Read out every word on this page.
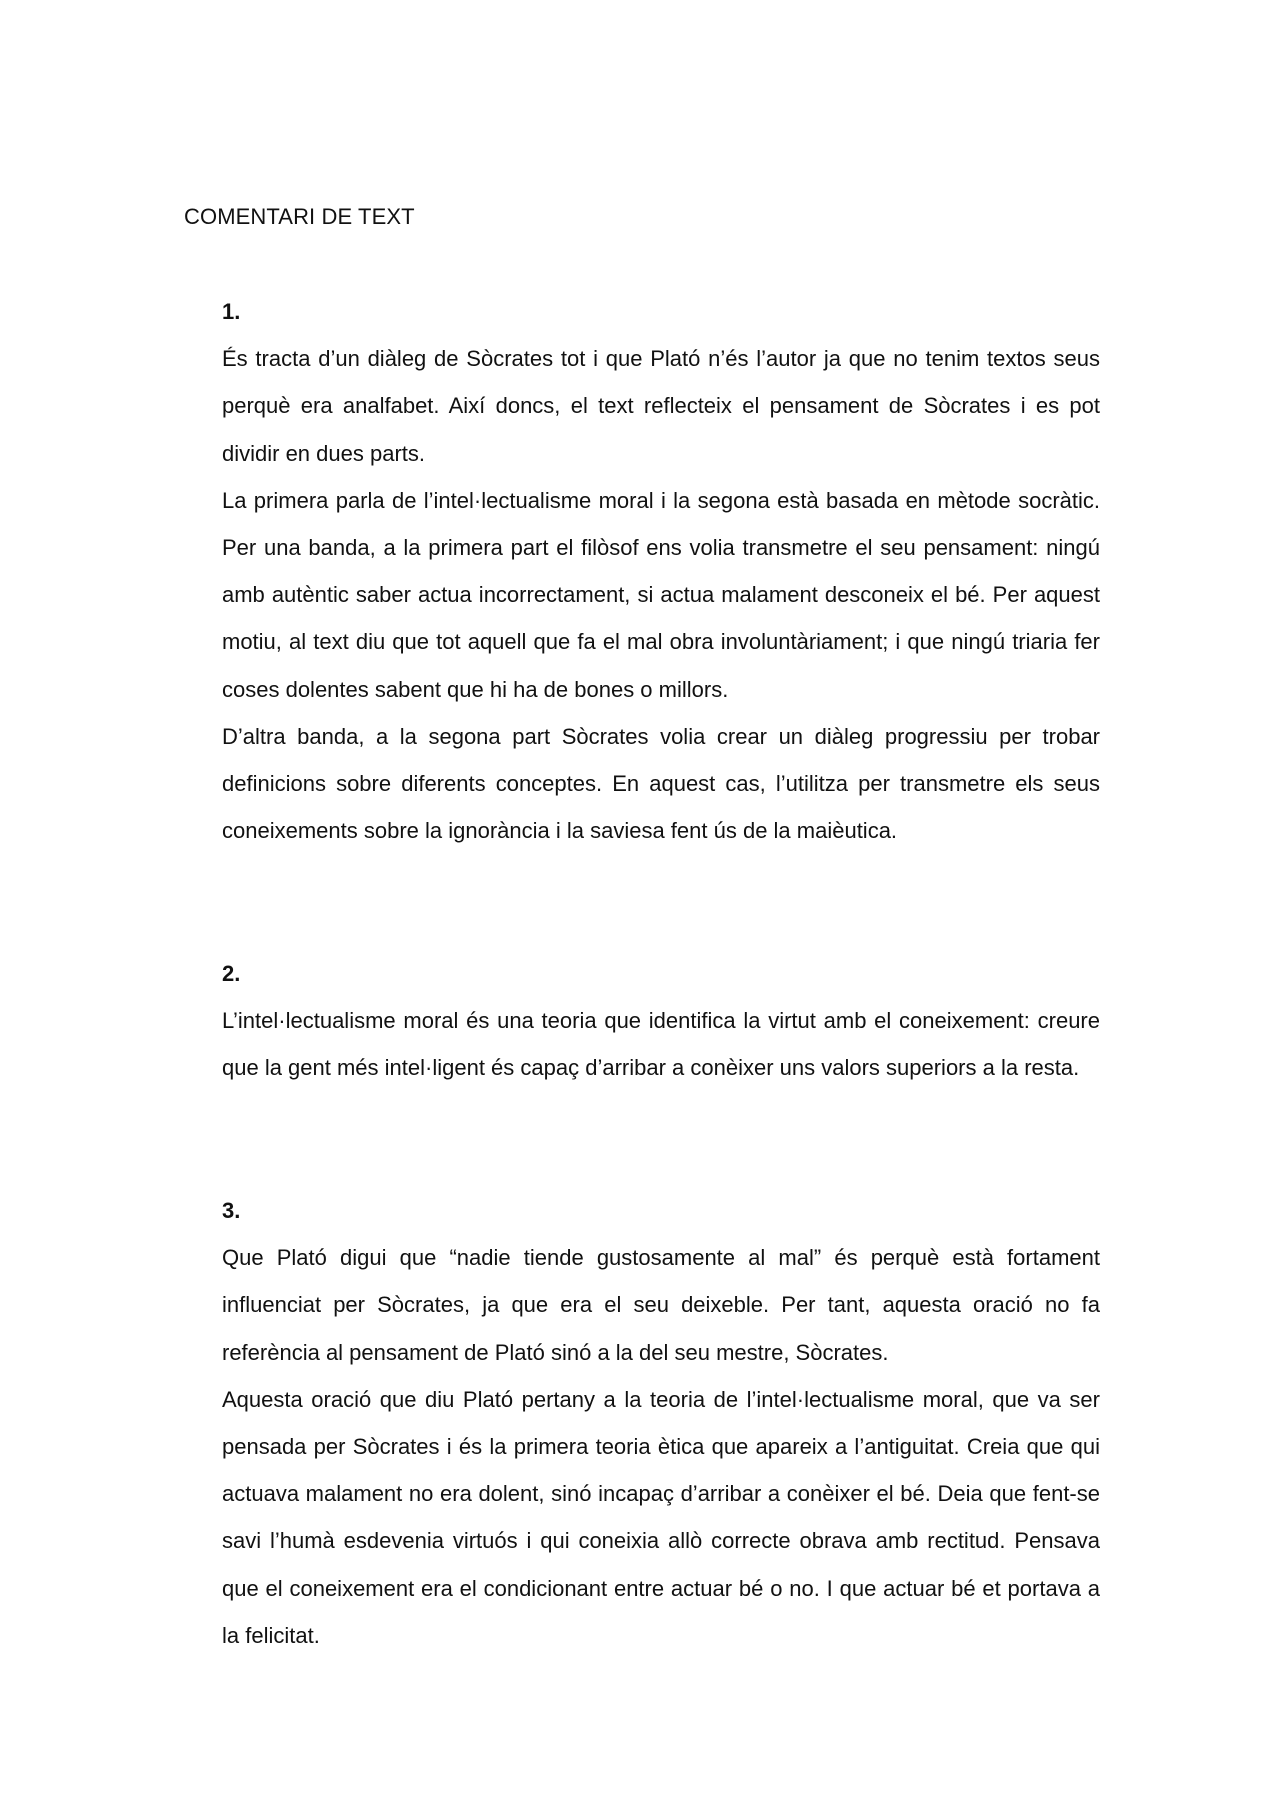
COMENTARI DE TEXT
1.

És tracta d’un diàleg de Sòcrates tot i que Plató n’és l’autor ja que no tenim textos seus perquè era analfabet. Així doncs, el text reflecteix el pensament de Sòcrates i es pot dividir en dues parts.

La primera parla de l’intel·lectualisme moral i la segona està basada en mètode socràtic. Per una banda, a la primera part el filòsof ens volia transmetre el seu pensament: ningú amb autèntic saber actua incorrectament, si actua malament desconeix el bé. Per aquest motiu, al text diu que tot aquell que fa el mal obra involuntàriament; i que ningú triaria fer coses dolentes sabent que hi ha de bones o millors.

D’altra banda, a la segona part Sòcrates volia crear un diàleg progressiu per trobar definicions sobre diferents conceptes. En aquest cas, l’utilitza per transmetre els seus coneixements sobre la ignorància i la saviesa fent ús de la maièutica.

2.

L’intel·lectualisme moral és una teoria que identifica la virtut amb el coneixement: creure que la gent més intel·ligent és capaç d’arribar a conèixer uns valors superiors a la resta.

3.

Que Plató digui que “nadie tiende gustosamente al mal” és perquè està fortament influenciat per Sòcrates, ja que era el seu deixeble. Per tant, aquesta oració no fa referència al pensament de Plató sinó a la del seu mestre, Sòcrates.

Aquesta oració que diu Plató pertany a la teoria de l’intel·lectualisme moral, que va ser pensada per Sòcrates i és la primera teoria ètica que apareix a l’antiguitat. Creia que qui actuava malament no era dolent, sinó incapaç d’arribar a conèixer el bé. Deia que fent-se savi l’humà esdevenia virtuós i qui coneixia allò correcte obrava amb rectitud. Pensava que el coneixement era el condicionant entre actuar bé o no. I que actuar bé et portava a la felicitat.
